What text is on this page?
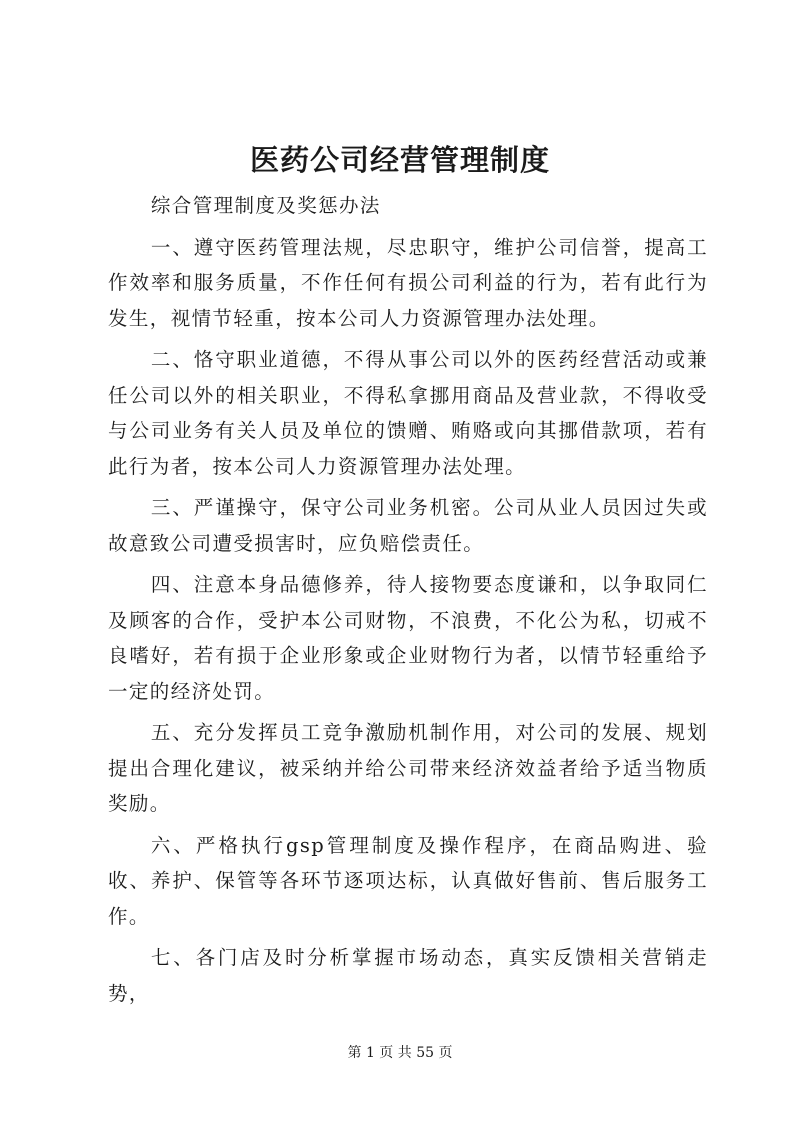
医药公司经营管理制度

综合管理制度及奖惩办法

一、遵守医药管理法规，尽忠职守，维护公司信誉，提高工作效率和服务质量，不作任何有损公司利益的行为，若有此行为发生，视情节轻重，按本公司人力资源管理办法处理。

二、恪守职业道德，不得从事公司以外的医药经营活动或兼任公司以外的相关职业，不得私拿挪用商品及营业款，不得收受与公司业务有关人员及单位的馈赠、贿赂或向其挪借款项，若有此行为者，按本公司人力资源管理办法处理。

三、严谨操守，保守公司业务机密。公司从业人员因过失或故意致公司遭受损害时，应负赔偿责任。

四、注意本身品德修养，待人接物要态度谦和，以争取同仁及顾客的合作，受护本公司财物，不浪费，不化公为私，切戒不良嗜好，若有损于企业形象或企业财物行为者，以情节轻重给予一定的经济处罚。

五、充分发挥员工竞争激励机制作用，对公司的发展、规划提出合理化建议，被采纳并给公司带来经济效益者给予适当物质奖励。

六、严格执行gsp管理制度及操作程序，在商品购进、验收、养护、保管等各环节逐项达标，认真做好售前、售后服务工作。

七、各门店及时分析掌握市场动态，真实反馈相关营销走势，

第 1 页 共 55 页
